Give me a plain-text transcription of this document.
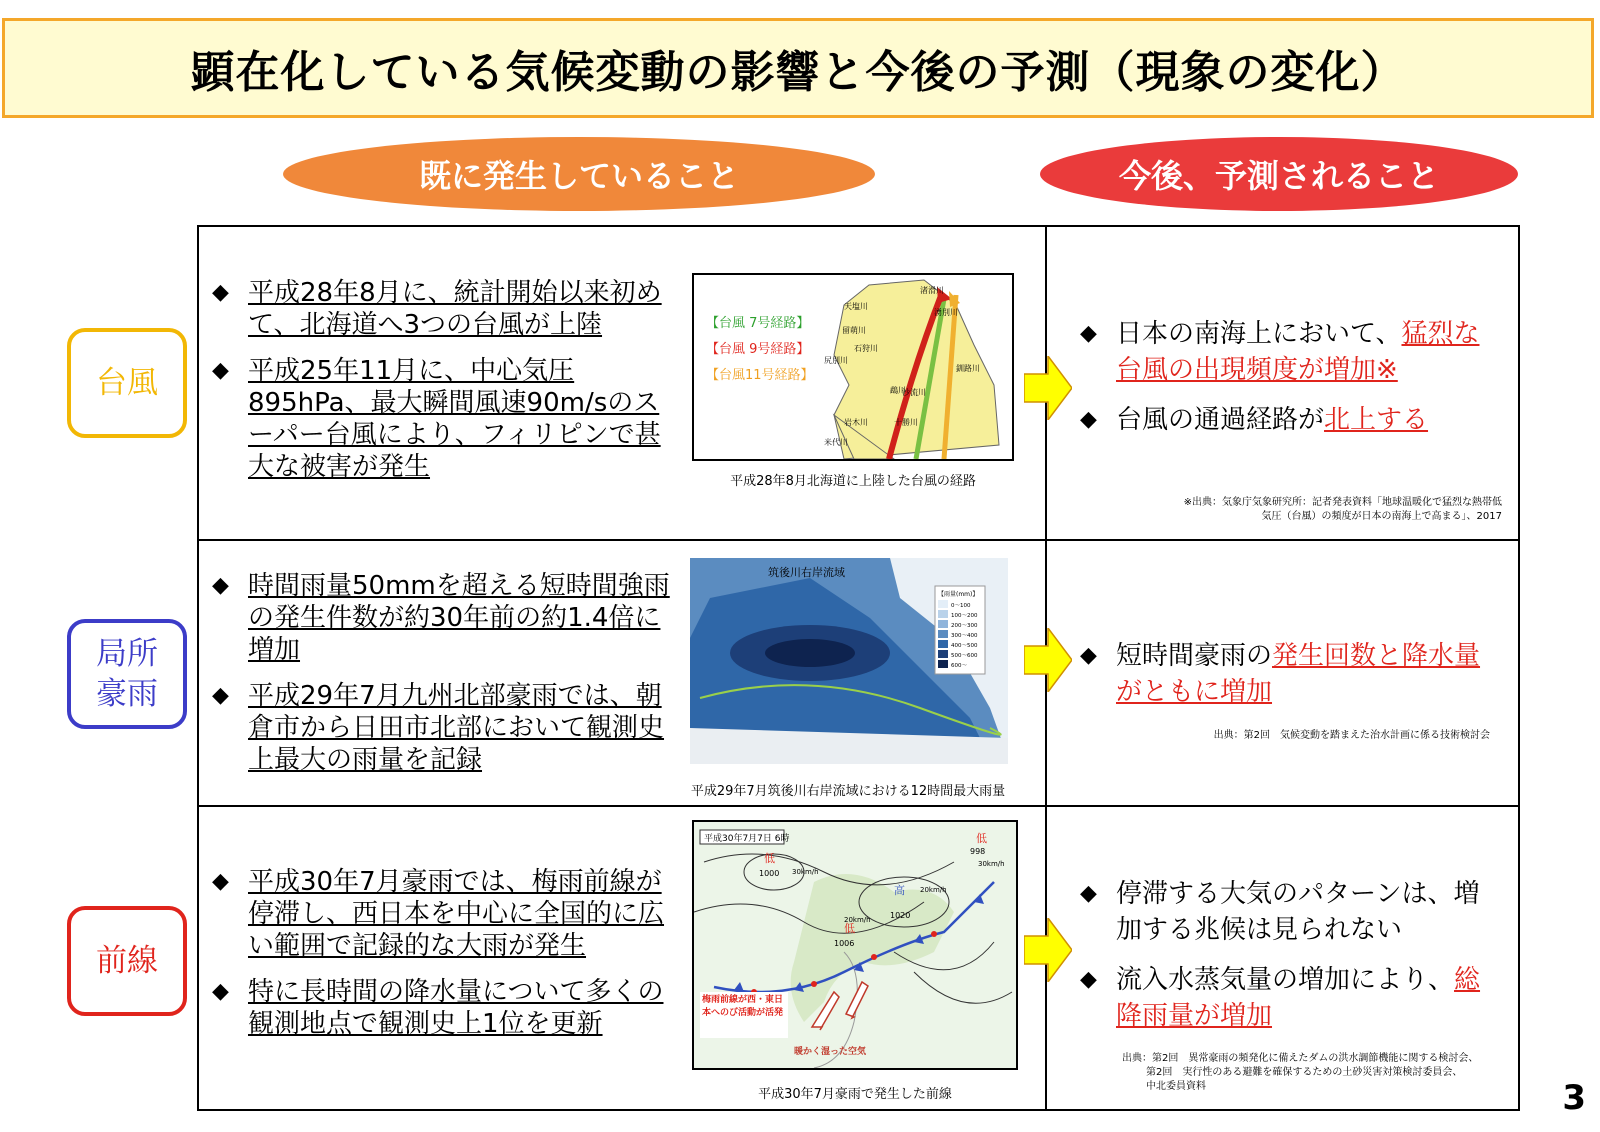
顕在化している気候変動の影響と今後の予測（現象の変化）
既に発生していること	今後、予測されること
台風
◆ 平成28年8月に、統計開始以来初めて、北海道へ3つの台風が上陸
◆ 平成25年11月に、中心気圧895hPa、最大瞬間風速90m/sのスーパー台風により、フィリピンで甚大な被害が発生
【台風 7号経路】
【台風 9号経路】
【台風11号経路】
天塩川
留萌川
石狩川
尻別川
鵡川
沙流川
岩木川
米代川
渚滑川
湧別川
釧路川
十勝川
平成28年8月北海道に上陸した台風の経路
◆ 日本の南海上において、猛烈な台風の出現頻度が増加※
◆ 台風の通過経路が北上する
※出典：気象庁気象研究所：記者発表資料「地球温暖化で猛烈な熱帯低気圧（台風）の頻度が日本の南海上で高まる」、2017
局所豪雨
◆ 時間雨量50mmを超える短時間強雨の発生件数が約30年前の約1.4倍に増加
◆ 平成29年7月九州北部豪雨では、朝倉市から日田市北部において観測史上最大の雨量を記録
筑後川右岸流域
【雨量(mm)】
0～100
100～200
200～300
300～400
400～500
500～600
600～
平成29年7月筑後川右岸流域における12時間最大雨量
◆ 短時間豪雨の発生回数と降水量がともに増加
出典：第2回　気候変動を踏まえた治水計画に係る技術検討会
前線
◆ 平成30年7月豪雨では、梅雨前線が停滞し、西日本を中心に全国的に広い範囲で記録的な大雨が発生
◆ 特に長時間の降水量について多くの観測地点で観測史上1位を更新
平成30年7月7日 6時
低
1000
高
1020
低
1006
低
998
30km/h
20km/h
20km/h
30km/h
梅雨前線が西・東日本へのび活動が活発
暖かく湿った空気
平成30年7月豪雨で発生した前線
◆ 停滞する大気のパターンは、増加する兆候は見られない
◆ 流入水蒸気量の増加により、総降雨量が増加
出典：第2回　異常豪雨の頻発化に備えたダムの洪水調節機能に関する検討会、
第2回　実行性のある避難を確保するための土砂災害対策検討委員会、
中北委員資料	3
